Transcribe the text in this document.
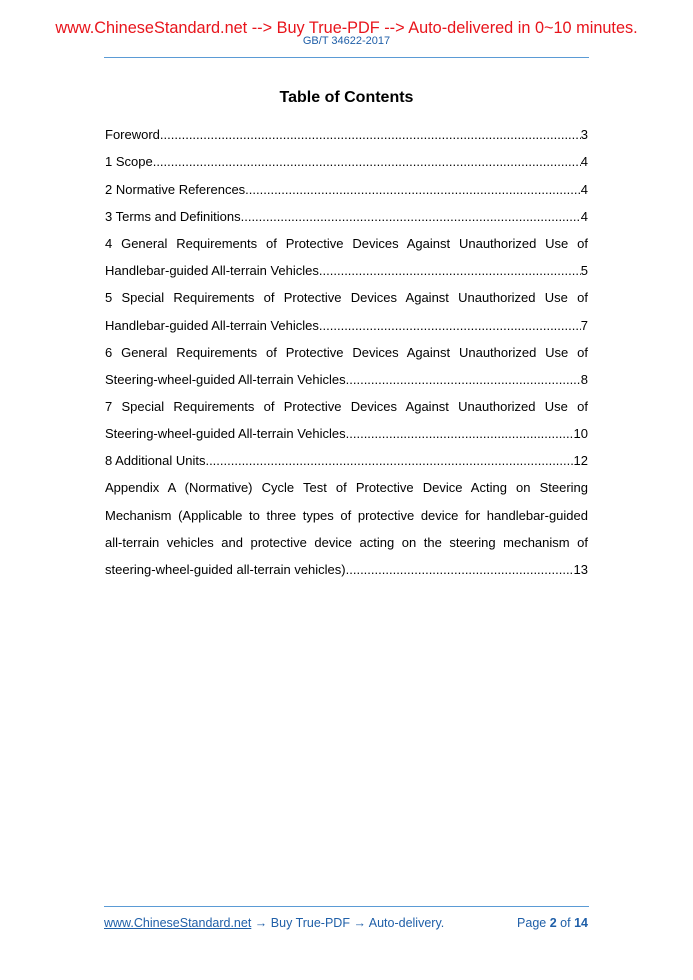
www.ChineseStandard.net --> Buy True-PDF --> Auto-delivered in 0~10 minutes.
GB/T 34622-2017
Table of Contents
Foreword .....	3
1 Scope .....	4
2 Normative References .....	4
3 Terms and Definitions .....	4
4 General Requirements of Protective Devices Against Unauthorized Use of
Handlebar-guided All-terrain Vehicles .....	5
5 Special Requirements of Protective Devices Against Unauthorized Use of
Handlebar-guided All-terrain Vehicles .....	7
6 General Requirements of Protective Devices Against Unauthorized Use of
Steering-wheel-guided All-terrain Vehicles .....	8
7 Special Requirements of Protective Devices Against Unauthorized Use of
Steering-wheel-guided All-terrain Vehicles .....	10
8 Additional Units .....	12
Appendix A (Normative) Cycle Test of Protective Device Acting on Steering
Mechanism (Applicable to three types of protective device for handlebar-guided
all-terrain vehicles and protective device acting on the steering mechanism of
steering-wheel-guided all-terrain vehicles) .....	13
www.ChineseStandard.net → Buy True-PDF → Auto-delivery.	Page 2 of 14
